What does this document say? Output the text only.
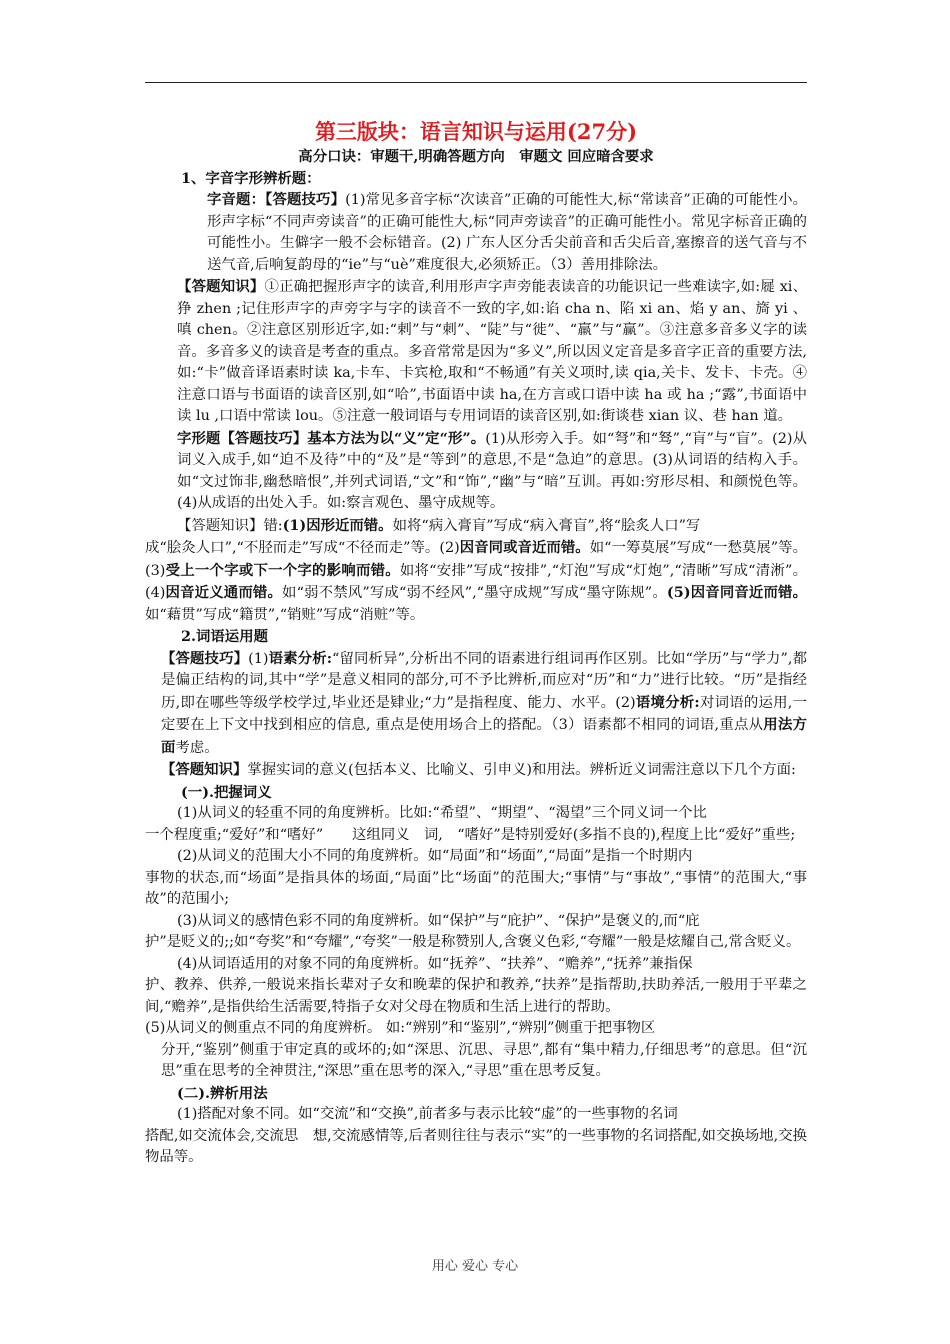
第三版块：语言知识与运用(27分)

高分口诀：审题干,明确答题方向　审题文 回应暗含要求

1、字音字形辨析题：

字音题：【答题技巧】(1)常见多音字标“次读音”正确的可能性大,标“常读音”正确的可能性小。形声字标“不同声旁读音”的正确可能性大,标“同声旁读音”的正确可能性小。常见字标音正确的可能性小。生僻字一般不会标错音。(2) 广东人区分舌尖前音和舌尖后音,塞擦音的送气音与不送气音,后响复韵母的“ie”与“uè”难度很大,必须矫正。（3）善用排除法。

【答题知识】①正确把握形声字的读音,利用形声字声旁能表读音的功能识记一些难读字,如:屣 xi、狰 zhen ;记住形声字的声旁字与字的读音不一致的字,如:谄 cha n、陷 xi an、焰 y an、旖 yi 、嗔 chen。②注意区别形近字,如:“剌”与“刺”、“陡”与“徙”、“羸”与“赢”。③注意多音多义字的读音。多音多义的读音是考查的重点。多音常常是因为“多义”,所以因义定音是多音字正音的重要方法,如:“卡”做音译语素时读 ka,卡车、卡宾枪,取和“不畅通”有关义项时,读 qia,关卡、发卡、卡壳。④注意口语与书面语的读音区别,如“哈”,书面语中读 ha,在方言或口语中读 ha 或 ha ;“露”,书面语中读 lu ,口语中常读 lou。⑤注意一般词语与专用词语的读音区别,如:街谈巷 xian 议、巷 han 道。

字形题【答题技巧】基本方法为以“义”定“形”。(1)从形旁入手。如“弩”和“驽”,“肓”与“盲”。(2)从词义入成手,如“迫不及待”中的“及”是“等到”的意思,不是“急迫”的意思。(3)从词语的结构入手。如“文过饰非,幽愁暗恨”,并列式词语,“文”和“饰”,“幽”与“暗”互训。再如:穷形尽相、和颜悦色等。(4)从成语的出处入手。如:察言观色、墨守成规等。

【答题知识】错:(1)因形近而错。如将“病入膏肓”写成“病入膏盲”,将“脍炙人口”写

成“脍灸人口”,“不胫而走”写成“不径而走”等。(2)因音同或音近而错。如“一筹莫展”写成“一愁莫展”等。(3)受上一个字或下一个字的影响而错。如将“安排”写成“按排”,“灯泡”写成“灯炮”,“清晰”写成“清淅”。(4)因音近义通而错。如“弱不禁风”写成“弱不经风”,“墨守成规”写成“墨守陈规”。(5)因音同音近而错。如“藉贯”写成“籍贯”,“销赃”写成“消赃”等。

2.词语运用题

【答题技巧】(1)语素分析:“留同析异”,分析出不同的语素进行组词再作区别。比如“学历”与“学力”,都是偏正结构的词,其中“学”是意义相同的部分,可不予比辨析,而应对“历”和“力”进行比较。“历”是指经历,即在哪些等级学校学过,毕业还是肄业;“力”是指程度、能力、水平。(2)语境分析:对词语的运用,一定要在上下文中找到相应的信息, 重点是使用场合上的搭配。（3）语素都不相同的词语,重点从用法方面考虑。

【答题知识】掌握实词的意义(包括本义、比喻义、引申义)和用法。辨析近义词需注意以下几个方面:

(一).把握词义

(1)从词义的轻重不同的角度辨析。比如:“希望”、“期望”、“渴望”三个同义词一个比

一个程度重;“爱好”和“嗜好”　　这组同义　词,　“嗜好”是特别爱好(多指不良的),程度上比“爱好”重些;

(2)从词义的范围大小不同的角度辨析。如“局面”和“场面”,“局面”是指一个时期内

事物的状态,而“场面”是指具体的场面,“局面”比“场面”的范围大;“事情”与“事故”,“事情”的范围大,“事故”的范围小;

(3)从词义的感情色彩不同的角度辨析。如“保护”与“庇护”、“保护”是褒义的,而“庇

护”是贬义的;;如“夸奖”和“夸耀”,“夸奖”一般是称赞别人,含褒义色彩,“夸耀”一般是炫耀自己,常含贬义。

(4)从词语适用的对象不同的角度辨析。如“抚养”、“扶养”、“赡养”,“抚养”兼指保

护、教养、供养,一般说来指长辈对子女和晚辈的保护和教养,“扶养”是指帮助,扶助养活,一般用于平辈之间,“赡养”,是指供给生活需要,特指子女对父母在物质和生活上进行的帮助。

(5)从词义的侧重点不同的角度辨析。 如:“辨别”和“鉴别”,“辨别”侧重于把事物区

分开,“鉴别”侧重于审定真的或坏的;如“深思、沉思、寻思”,都有“集中精力,仔细思考”的意思。但“沉思”重在思考的全神贯注,“深思”重在思考的深入,“寻思”重在思考反复。

(二).辨析用法

(1)搭配对象不同。如“交流”和“交换”,前者多与表示比较“虚”的一些事物的名词

搭配,如交流体会,交流思　想,交流感情等,后者则往往与表示“实”的一些事物的名词搭配,如交换场地,交换物品等。

用心 爱心 专心
